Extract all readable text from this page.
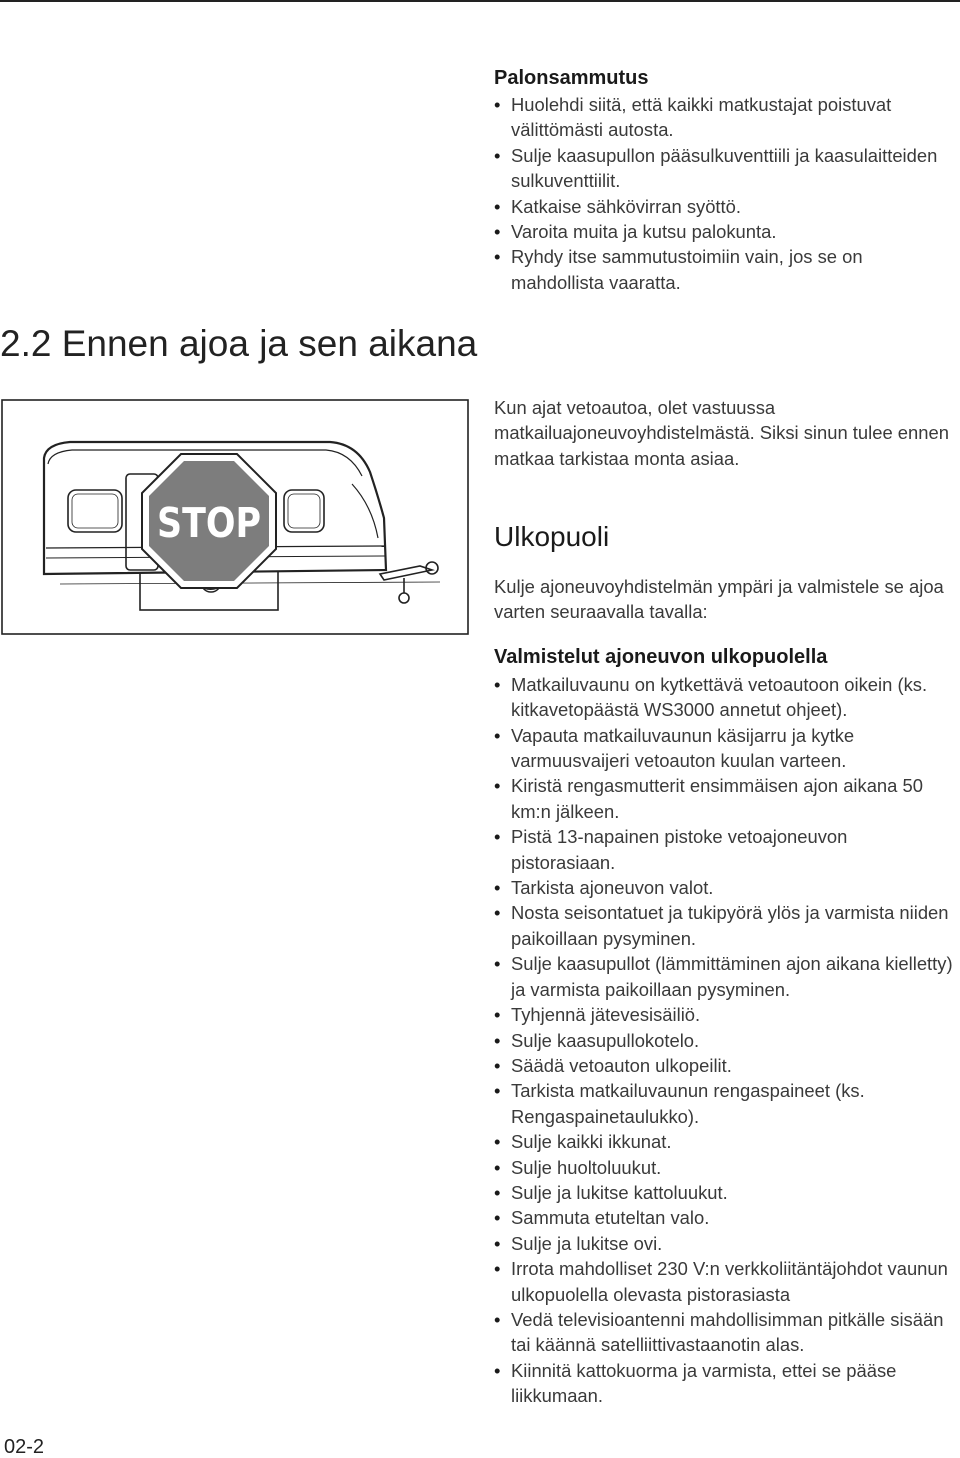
Palonsammutus
• Huolehdi siitä, että kaikki matkustajat poistuvat välittömästi autosta.
• Sulje kaasupullon pääsulkuventtiili ja kaasulaitteiden sulkuventtiilit.
• Katkaise sähkövirran syöttö.
• Varoita muita ja kutsu palokunta.
• Ryhdy itse sammutustoimiin vain, jos se on mahdollista vaaratta.
2.2 Ennen ajoa ja sen aikana
Kun ajat vetoautoa, olet vastuussa matkailuajoneuvoyhdistelmästä. Siksi sinun tulee ennen matkaa tarkistaa monta asiaa.
STOP	Ulkopuoli
Kulje ajoneuvoyhdistelmän ympäri ja valmistele se ajoa varten seuraavalla tavalla:
Valmistelut ajoneuvon ulkopuolella
• Matkailuvaunu on kytkettävä vetoautoon oikein (ks. kitkavetopäästä WS3000 annetut ohjeet).
• Vapauta matkailuvaunun käsijarru ja kytke varmuusvaijeri vetoauton kuulan varteen.
• Kiristä rengasmutterit ensimmäisen ajon aikana 50 km:n jälkeen.
• Pistä 13-napainen pistoke vetoajoneuvon pistorasiaan.
• Tarkista ajoneuvon valot.
• Nosta seisontatuet ja tukipyörä ylös ja varmista niiden paikoillaan pysyminen.
• Sulje kaasupullot (lämmittäminen ajon aikana kielletty) ja varmista paikoillaan pysyminen.
• Tyhjennä jätevesisäiliö.
• Sulje kaasupullokotelo.
• Säädä vetoauton ulkopeilit.
• Tarkista matkailuvaunun rengaspaineet (ks. Rengaspainetaulukko).
• Sulje kaikki ikkunat.
• Sulje huoltoluukut.
• Sulje ja lukitse kattoluukut.
• Sammuta etuteltan valo.
• Sulje ja lukitse ovi.
• Irrota mahdolliset 230 V:n verkkoliitäntäjohdot vaunun ulkopuolella olevasta pistorasiasta
• Vedä televisioantenni mahdollisimman pitkälle sisään tai käännä satelliittivastaanotin alas.
• Kiinnitä kattokuorma ja varmista, ettei se pääse liikkumaan.
02-2
